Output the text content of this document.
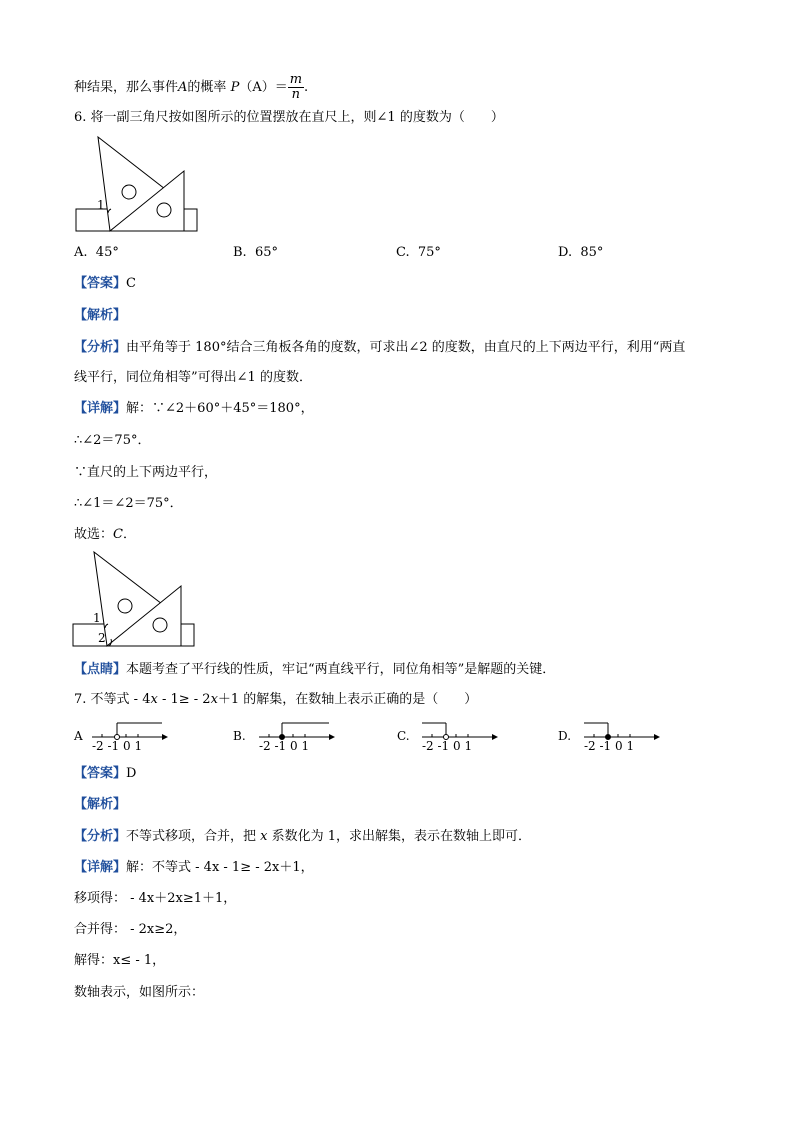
种结果，那么事件A的概率 $P(A)= \frac{m}{n}$ .
6. 将一副三角尺按如图所示的位置摆放在直尺上，则∠1 的度数为（　　）
1
A. 45°	B. 65°	C. 75°	D. 85°
【答案】C
【解析】
【分析】由平角等于 180°结合三角板各角的度数，可求出∠2 的度数，由直尺的上下两边平行，利用“两直
线平行，同位角相等”可得出∠1 的度数．
【详解】解：∵∠2＋60°＋45°＝180°，
∴∠2＝75°．
∵直尺的上下两边平行，
∴∠1＝∠2＝75°．
故选：C．
1
2
【点睛】本题考查了平行线的性质，牢记“两直线平行，同位角相等”是解题的关键．
7. 不等式 - 4x - 1≥ - 2x＋1 的解集，在数轴上表示正确的是（　　）
A
-2 -1 0 1
B.
-2 -1 0 1
C.
-2 -1 0 1
D.
-2 -1 0 1
【答案】D
【解析】
【分析】不等式移项，合并，把 x 系数化为 1，求出解集，表示在数轴上即可．
【详解】解：不等式 - 4x - 1≥ - 2x＋1，
移项得： - 4x＋2x≥1＋1，
合并得： - 2x≥2，
解得：x≤ - 1，
数轴表示，如图所示：
